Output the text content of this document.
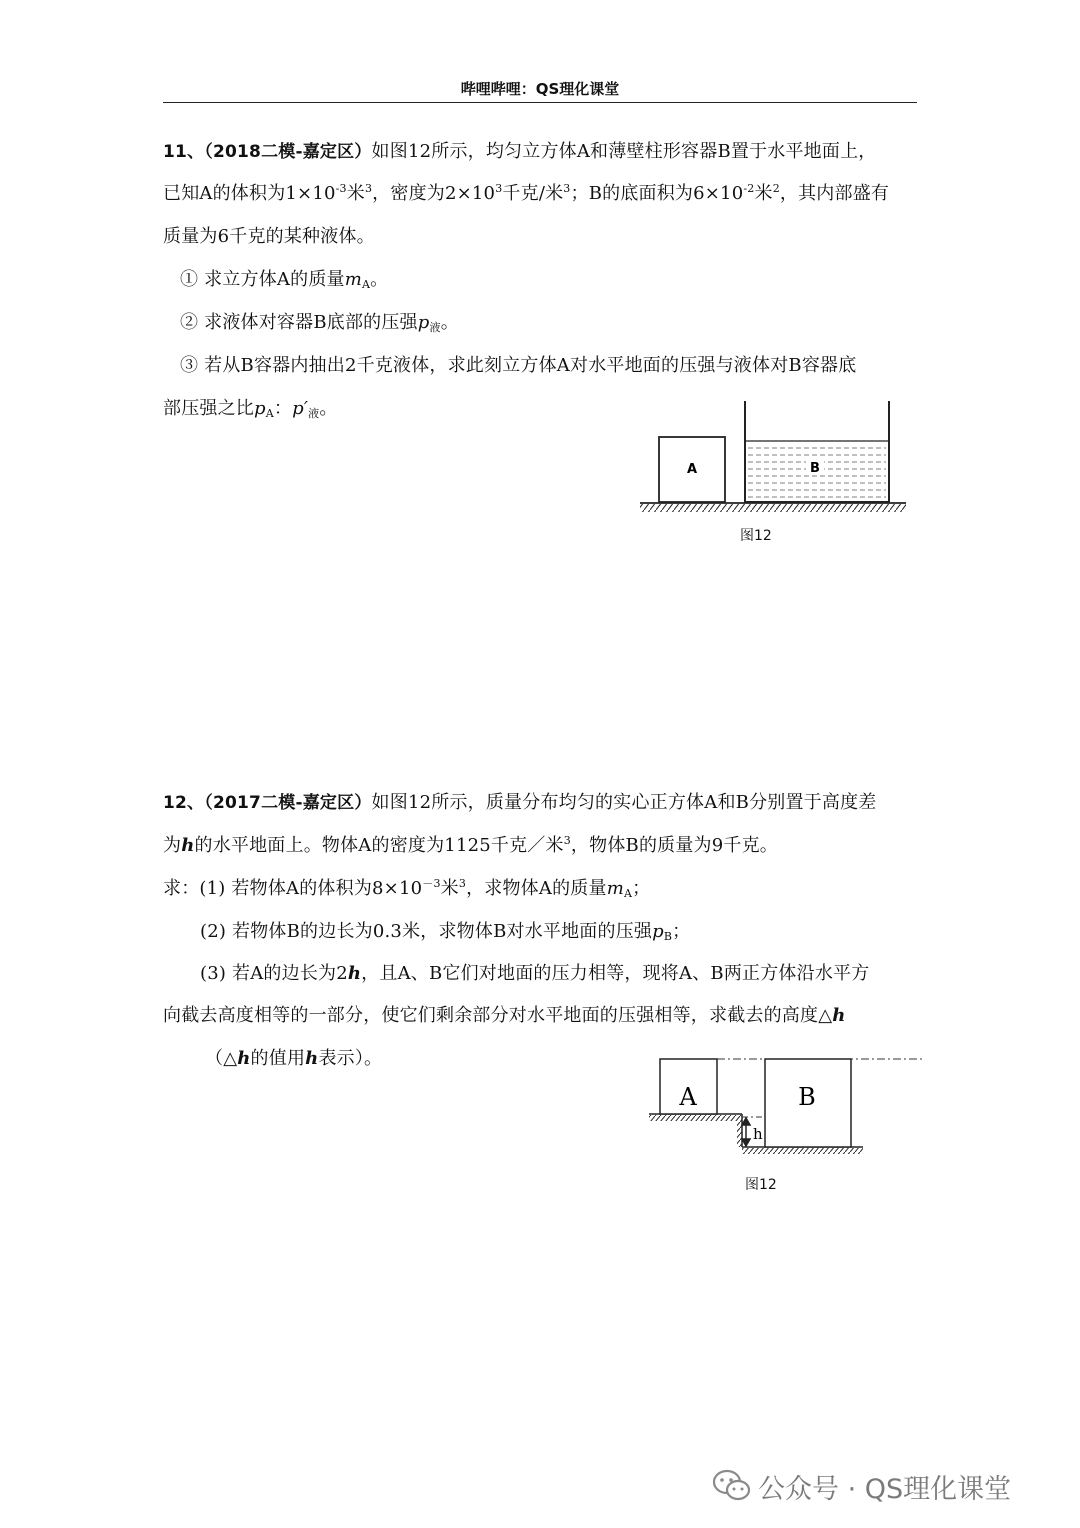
哔哩哔哩：QS理化课堂
11、（2018二模-嘉定区）如图12所示，均匀立方体A和薄壁柱形容器B置于水平地面上，
已知A的体积为$1\times 10^{-3}$米$^3$，密度为$2\times 10^3$千克/米$^3$；B的底面积为$6\times 10^{-2}$米$^2$，其内部盛有
质量为6千克的某种液体。
① 求立方体A的质量$m_A$。
② 求液体对容器B底部的压强$p_液$。
③ 若从B容器内抽出2千克液体，求此刻立方体A对水平地面的压强与液体对B容器底
部压强之比$p_A$：$p'_液$。
A	B
图12
12、（2017二模-嘉定区）如图12所示，质量分布均匀的实心正方体A和B分别置于高度差
为h的水平地面上。物体A的密度为1125千克／米$^3$，物体B的质量为9千克。
求：(1) 若物体A的体积为$8\times 10^{-3}$米$^3$，求物体A的质量$m_A$；
(2) 若物体B的边长为0.3米，求物体B对水平地面的压强$p_B$；
(3) 若A的边长为2h，且A、B它们对地面的压力相等，现将A、B两正方体沿水平方
向截去高度相等的一部分，使它们剩余部分对水平地面的压强相等，求截去的高度△h
（△h的值用h表示）。
A	B
h
图12
公众号 · QS理化课堂
